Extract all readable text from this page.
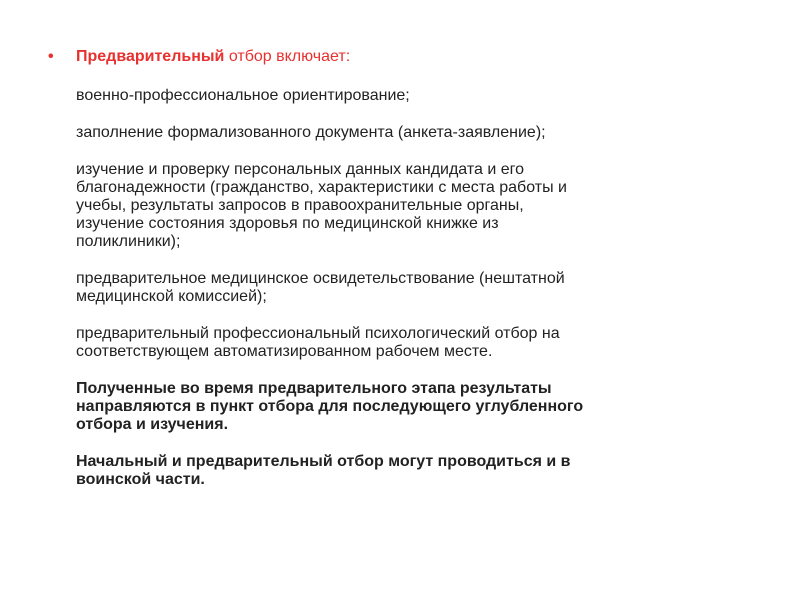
• Предварительный отбор включает:

военно-профессиональное ориентирование;

заполнение формализованного документа (анкета-заявление);

изучение и проверку персональных данных кандидата и его
благонадежности (гражданство, характеристики с места работы и
учебы, результаты запросов в правоохранительные органы,
изучение состояния здоровья по медицинской книжке из
поликлиники);

предварительное медицинское освидетельствование (нештатной
медицинской комиссией);

предварительный профессиональный психологический отбор на
соответствующем автоматизированном рабочем месте.

Полученные во время предварительного этапа результаты
направляются в пункт отбора для последующего углубленного
отбора и изучения.

Начальный и предварительный отбор могут проводиться и в
воинской части.
